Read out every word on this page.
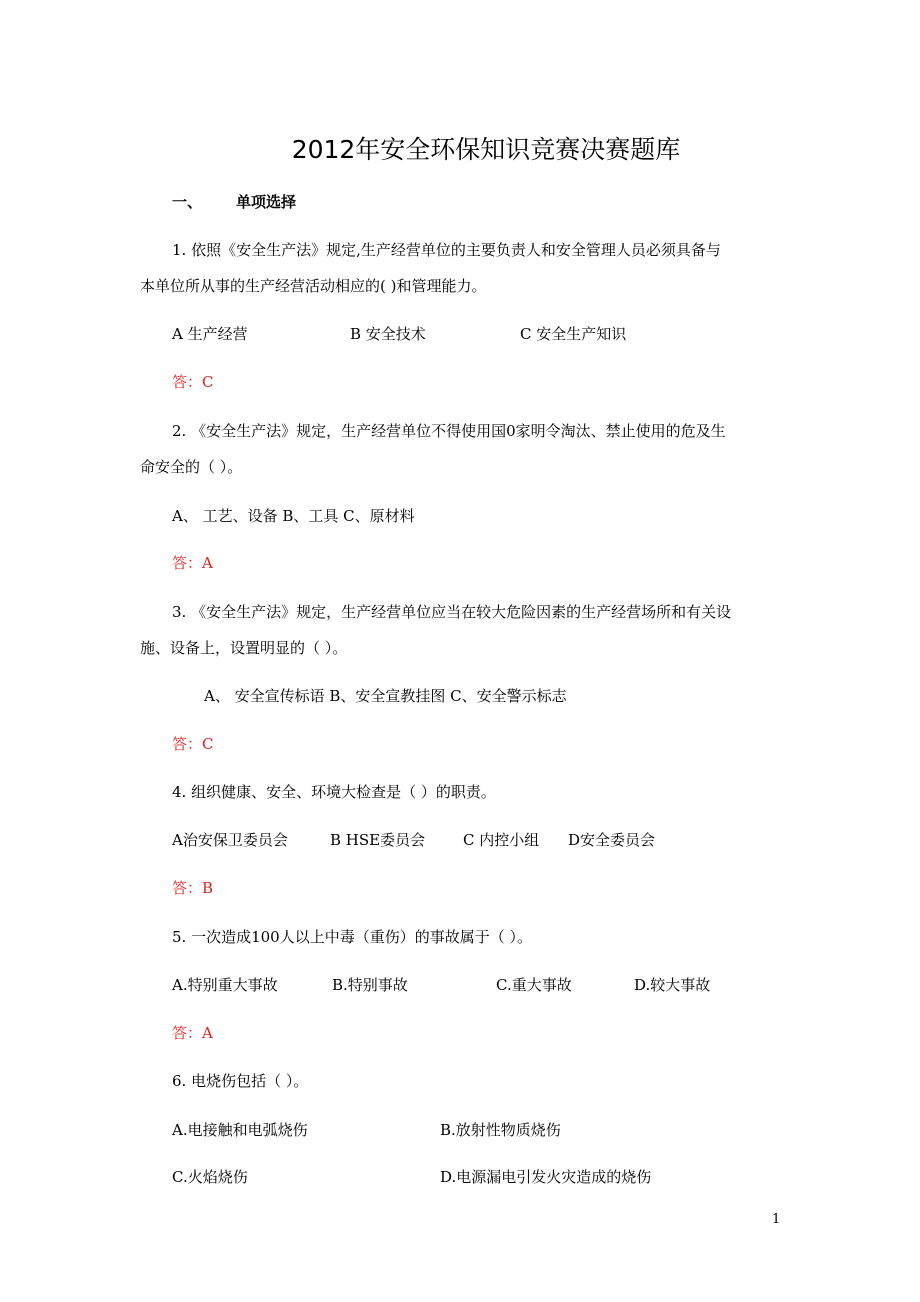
2012年安全环保知识竞赛决赛题库
一、 单项选择
1. 依照《安全生产法》规定,生产经营单位的主要负责人和安全管理人员必须具备与
本单位所从事的生产经营活动相应的( )和管理能力。
A 生产经营	B 安全技术	C 安全生产知识
答：C
2. 《安全生产法》规定，生产经营单位不得使用国0家明令淘汰、禁止使用的危及生
命安全的（ ）。
A、 工艺、设备 B、工具 C、原材料
答：A
3. 《安全生产法》规定，生产经营单位应当在较大危险因素的生产经营场所和有关设
施、设备上，设置明显的（ ）。
A、 安全宣传标语 B、安全宣教挂图 C、安全警示标志
答：C
4. 组织健康、安全、环境大检查是（ ）的职责。
A治安保卫委员会	B HSE委员会	C 内控小组 D安全委员会
答：B
5. 一次造成100人以上中毒（重伤）的事故属于（ ）。
A.特别重大事故	B.特别事故	C.重大事故	D.较大事故
答：A
6. 电烧伤包括（ ）。
A.电接触和电弧烧伤	B.放射性物质烧伤
C.火焰烧伤	D.电源漏电引发火灾造成的烧伤
1
